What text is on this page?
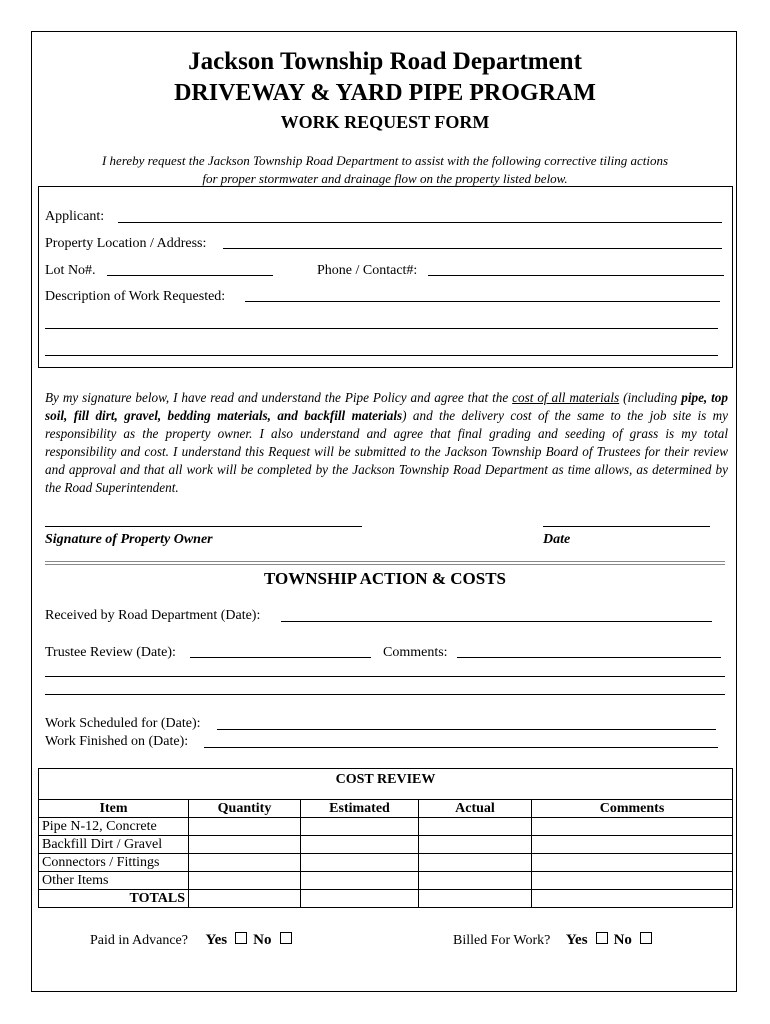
Jackson Township Road Department
DRIVEWAY & YARD PIPE PROGRAM
WORK REQUEST FORM
I hereby request the Jackson Township Road Department to assist with the following corrective tiling actions
for proper stormwater and drainage flow on the property listed below.
Applicant:
Property Location / Address:
Lot No#.	Phone / Contact#:
Description of Work Requested:
By my signature below, I have read and understand the Pipe Policy and agree that the cost of all materials (including pipe, top soil, fill dirt, gravel, bedding materials, and backfill materials) and the delivery cost of the same to the job site is my responsibility as the property owner. I also understand and agree that final grading and seeding of grass is my total responsibility and cost. I understand this Request will be submitted to the Jackson Township Board of Trustees for their review and approval and that all work will be completed by the Jackson Township Road Department as time allows, as determined by the Road Superintendent.
Signature of Property Owner	Date
TOWNSHIP ACTION & COSTS
Received by Road Department (Date):
Trustee Review (Date):	Comments:
Work Scheduled for (Date):
Work Finished on (Date):
COST REVIEW				
Item	Quantity	Estimated	Actual	Comments
Pipe N-12, Concrete				
Backfill Dirt / Gravel				
Connectors / Fittings				
Other Items				
TOTALS				
Paid in Advance? Yes No	Billed For Work? Yes No
